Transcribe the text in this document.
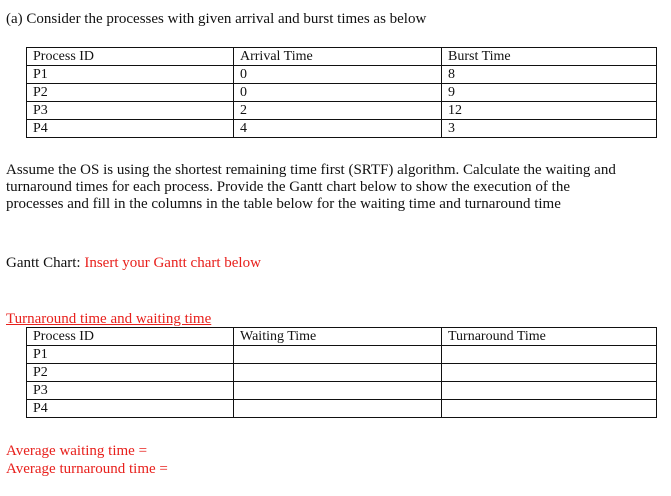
(a) Consider the processes with given arrival and burst times as below
Process ID	Arrival Time	Burst Time
P1	0	8
P2	0	9
P3	2	12
P4	4	3
Assume the OS is using the shortest remaining time first (SRTF) algorithm. Calculate the waiting and turnaround times for each process. Provide the Gantt chart below to show the execution of the processes and fill in the columns in the table below for the waiting time and turnaround time
Gantt Chart: Insert your Gantt chart below
Turnaround time and waiting time
Process ID	Waiting Time	Turnaround Time
P1		
P2		
P3		
P4		
Average waiting time =
Average turnaround time =
